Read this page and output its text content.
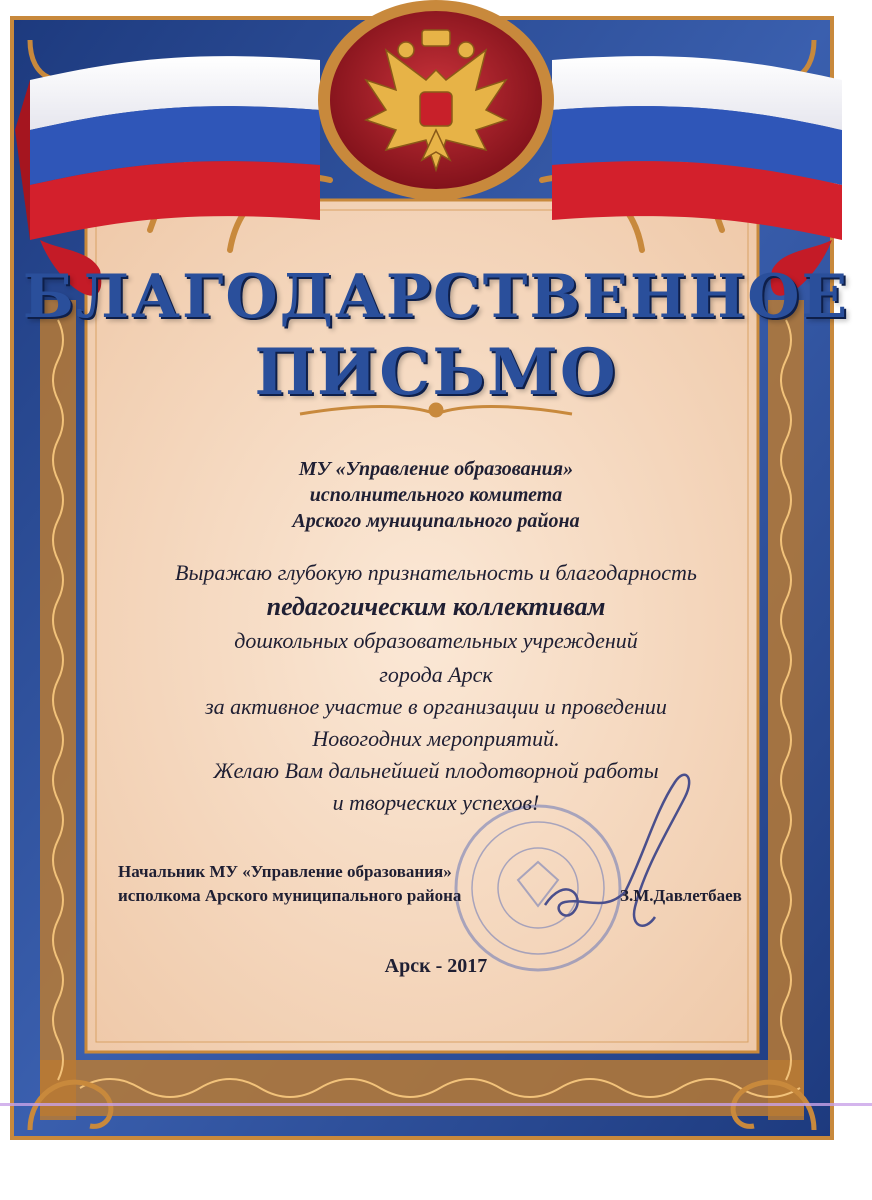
БЛАГОДАРСТВЕННОЕ
ПИСЬМО
МУ «Управление образования»
исполнительного комитета
Арского муниципального района
Выражаю глубокую признательность и благодарность
педагогическим коллективам
дошкольных образовательных учреждений
города Арск
за активное участие в организации и проведении
Новогодних мероприятий.
Желаю Вам дальнейшей плодотворной работы
и творческих успехов!

Начальник МУ «Управление образования»

исполкома Арского муниципального района	З.М.Давлетбаев

Арск - 2017
